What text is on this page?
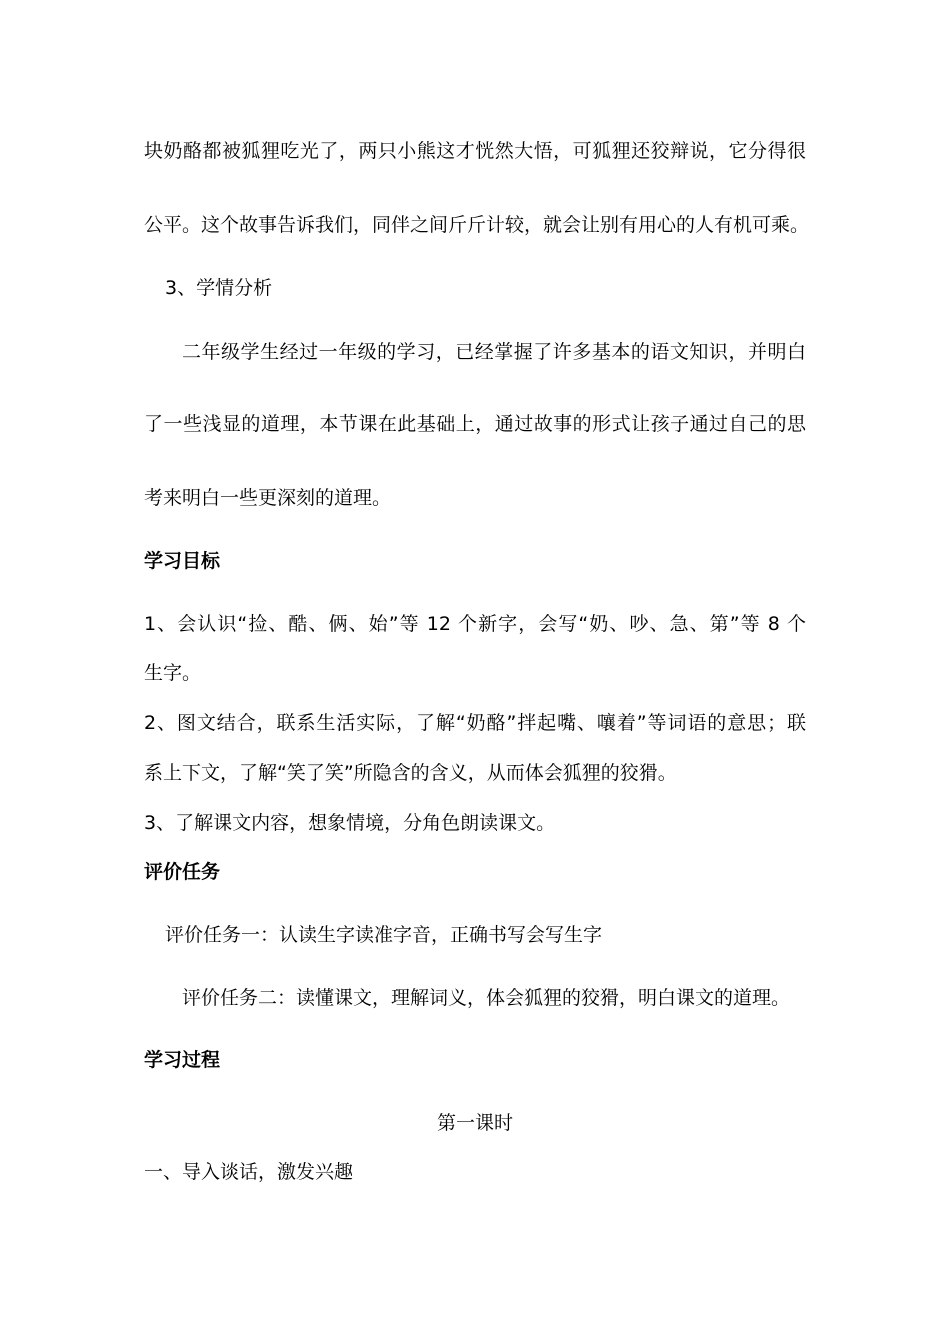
块奶酪都被狐狸吃光了，两只小熊这才恍然大悟，可狐狸还狡辩说，它分得很
公平。这个故事告诉我们，同伴之间斤斤计较，就会让别有用心的人有机可乘。
3、学情分析
二年级学生经过一年级的学习，已经掌握了许多基本的语文知识，并明白
了一些浅显的道理，本节课在此基础上，通过故事的形式让孩子通过自己的思
考来明白一些更深刻的道理。
学习目标
1、会认识“捡、酷、俩、始”等 12 个新字，会写“奶、吵、急、第”等 8 个
生字。
2、图文结合，联系生活实际，了解“奶酪”拌起嘴、嚷着”等词语的意思；联
系上下文，了解“笑了笑”所隐含的含义，从而体会狐狸的狡猾。
3、了解课文内容，想象情境，分角色朗读课文。
评价任务
评价任务一：认读生字读准字音，正确书写会写生字
评价任务二：读懂课文，理解词义，体会狐狸的狡猾，明白课文的道理。
学习过程
第一课时
一、导入谈话，激发兴趣
